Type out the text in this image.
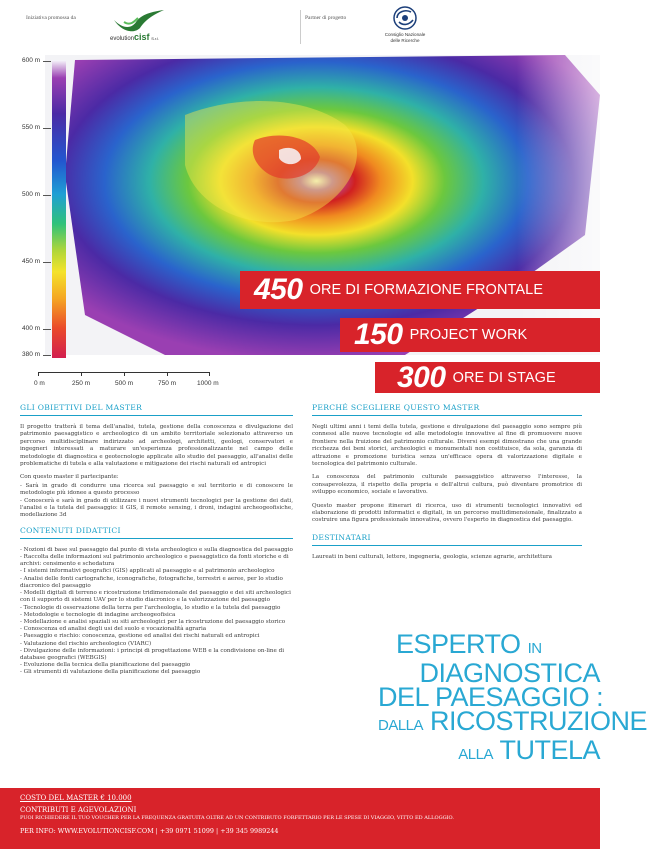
Iniziativa promossa da
evolutioncisf S.r.l.
Partner di progetto
Consiglio Nazionale
delle Ricerche
600 m
550 m
500 m
450 m
400 m
380 m
0 m	250 m	500 m	750 m	1000 m
450 ORE DI FORMAZIONE FRONTALE
150 PROJECT WORK
300 ORE DI STAGE
GLI OBIETTIVI DEL MASTER
Il progetto tratterà il tema dell'analisi, tutela, gestione della conoscenza e divulgazione del patrimonio paesaggistico e archeologico di un ambito territoriale selezionato attraverso un percorso multidisciplinare indirizzato ad archeologi, architetti, geologi, conservatori e ingegneri interessati a maturare un'esperienza professionalizzante nel campo delle metodologie di diagnostica e geotecnologie applicate allo studio del paesaggio, all'analisi delle problematiche di tutela e alla valutazione e mitigazione dei rischi naturali ed antropici
Con questo master il partecipante:
- Sarà in grado di condurre una ricerca sul paesaggio e sul territorio e di conoscere le metodologie più idonee a questo processo
- Conoscerà e sarà in grado di utilizzare i nuovi strumenti tecnologici per la gestione dei dati, l'analisi e la tutela del paesaggio: il GIS, il remote sensing, i droni, indagini archeogeofisiche, modellazione 3d
CONTENUTI DIDATTICI
- Nozioni di base sul paesaggio dal punto di vista archeologico e sulla diagnostica del paesaggio
- Raccolta delle informazioni sul patrimonio archeologico e paesaggistico da fonti storiche e di archivi: censimento e schedatura
- I sistemi informativi geografici (GIS) applicati al paesaggio e al patrimonio archeologico
- Analisi delle fonti cartografiche, iconografiche, fotografiche, terrestri e aeree, per lo studio diacronico del paesaggio
- Modelli digitali di terreno e ricostruzione tridimensionale del paesaggio e dei siti archeologici con il supporto di sistemi UAV per lo studio diacronico e la valorizzazione del paesaggio
- Tecnologie di osservazione della terra per l'archeologia, lo studio e la tutela del paesaggio
- Metodologie e tecnologie di indagine archeogeofisica
- Modellazione e analisi spaziali su siti archeologici per la ricostruzione del paesaggio storico
- Conoscenza ed analisi degli usi del suolo e vocazionalità agraria
- Paesaggio e rischio: conoscenza, gestione ed analisi dei rischi naturali ed antropici
- Valutazione del rischio archeologico (VIARC)
- Divulgazione delle informazioni: i principi di progettazione WEB e la condivisione on-line di database geografici (WEBGIS)
- Evoluzione della tecnica della pianificazione del paesaggio
- Gli strumenti di valutazione della pianificazione del paesaggio
PERCHÉ SCEGLIERE QUESTO MASTER
Negli ultimi anni i temi della tutela, gestione e divulgazione del paesaggio sono sempre più connessi alle nuove tecnologie ed alle metodologie innovative al fine di promuovere nuove frontiere nella fruizione del patrimonio culturale. Diversi esempi dimostrano che una grande ricchezza dei beni storici, archeologici e monumentali non costituisce, da sola, garanzia di attrazione e promozione turistica senza un'efficace opera di valorizzazione digitale e tecnologica del patrimonio culturale.
La conoscenza del patrimonio culturale paesaggistico attraverso l'interesse, la consapevolezza, il rispetto della propria e dell'altrui cultura, può diventare promotrice di sviluppo economico, sociale e lavorativo.
Questo master propone itinerari di ricerca, uso di strumenti tecnologici innovativi ed elaborazione di prodotti informatici e digitali, in un percorso multidimensionale, finalizzato a costruire una figura professionale innovativa, ovvero l'esperto in diagnostica del paesaggio.
DESTINATARI
Laureati in beni culturali, lettere, ingegneria, geologia, scienze agrarie, architettura
ESPERTO IN
DIAGNOSTICA
DEL PAESAGGIO :
DALLA RICOSTRUZIONE
ALLA TUTELA
COSTO DEL MASTER € 10.000
CONTRIBUTI E AGEVOLAZIONI
PUOI RICHIEDERE IL TUO VOUCHER PER LA FREQUENZA GRATUITA OLTRE AD UN CONTRIBUTO FORFETTARIO PER LE SPESE DI VIAGGIO, VITTO ED ALLOGGIO.
PER INFO: WWW.EVOLUTIONCISF.COM | +39 0971 51099 | +39 345 9989244
